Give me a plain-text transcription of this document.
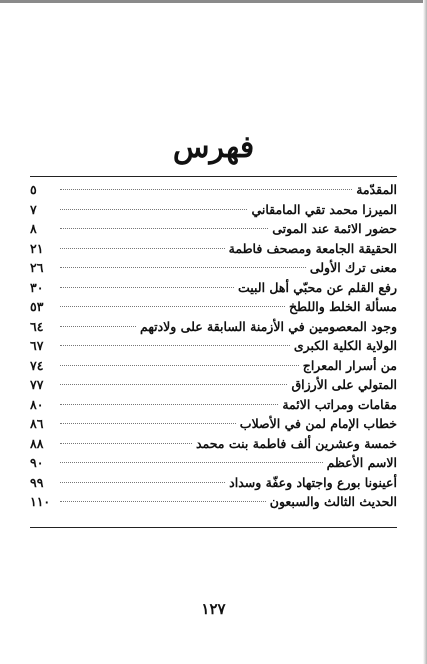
فهرس
المقدّمة
٥
الميرزا محمد تقي المامقاني
٧
حضور الائمة عند الموتى
٨
الحقيقة الجامعة ومصحف فاطمة
٢١
معنى ترك الأولى
٢٦
رفع القلم عن محبّي أهل البيت
٣٠
مسألة الخلط واللطخ
٥٣
وجود المعصومين في الأزمنة السابقة على ولادتهم
٦٤
الولاية الكلية الكبرى
٦٧
من أسرار المعراج
٧٤
المتولي على الأرزاق
٧٧
مقامات ومراتب الائمة
٨٠
خطاب الإمام لمن في الأصلاب
٨٦
خمسة وعشرين ألف فاطمة بنت محمد
٨٨
الاسم الأعظم
٩٠
أعينونا بورع واجتهاد وعفّة وسداد
٩٩
الحديث الثالث والسبعون
١١٠
١٢٧
